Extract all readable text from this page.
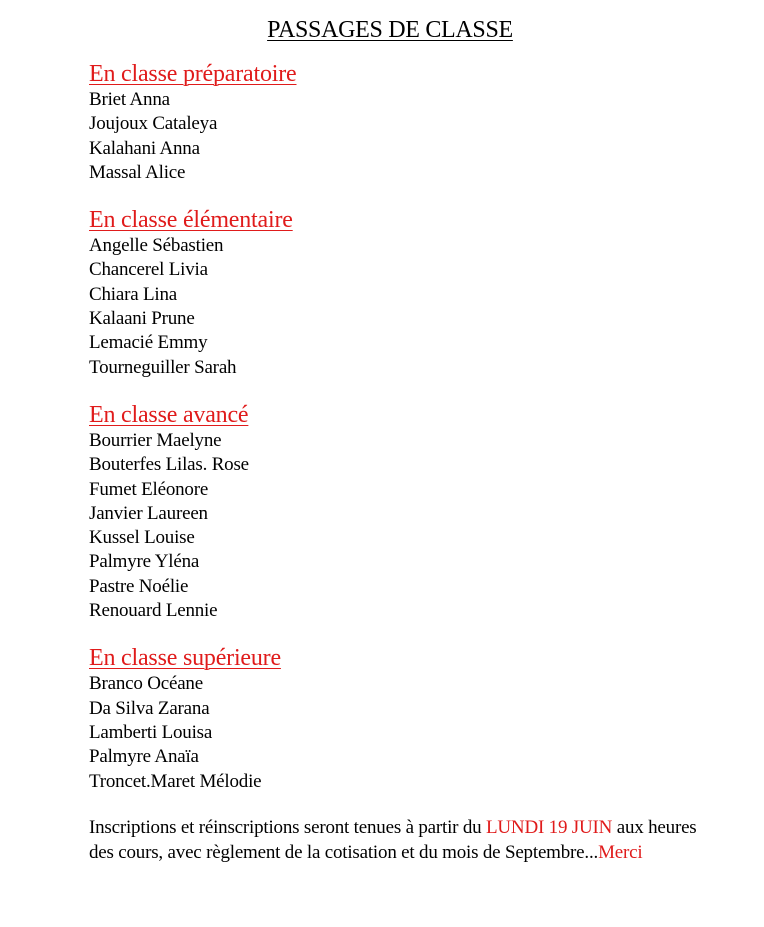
PASSAGES DE CLASSE
En classe préparatoire
Briet Anna
Joujoux Cataleya
Kalahani Anna
Massal Alice
En classe élémentaire
Angelle Sébastien
Chancerel Livia
Chiara Lina
Kalaani Prune
Lemacié Emmy
Tourneguiller Sarah
En classe avancé
Bourrier Maelyne
Bouterfes Lilas. Rose
Fumet Eléonore
Janvier Laureen
Kussel Louise
Palmyre Yléna
Pastre Noélie
Renouard Lennie
En classe supérieure
Branco Océane
Da Silva Zarana
Lamberti Louisa
Palmyre Anaïa
Troncet.Maret Mélodie
Inscriptions et réinscriptions seront tenues à partir du LUNDI 19 JUIN aux heures des cours, avec règlement de la cotisation et du mois de Septembre...Merci
